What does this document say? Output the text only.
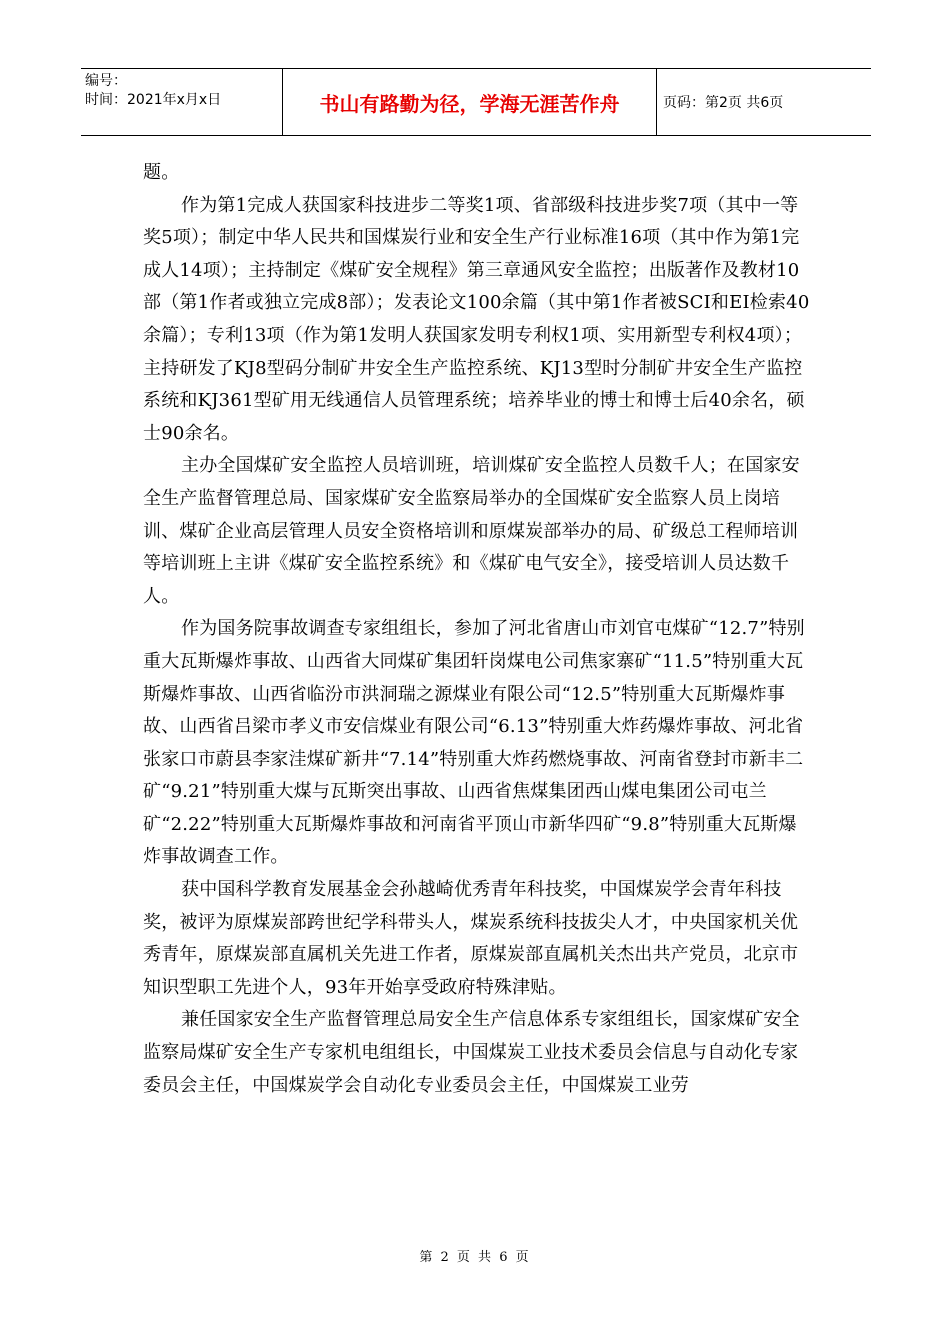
编号：
时间：2021年x月x日	书山有路勤为径，学海无涯苦作舟	页码：第2页 共6页

题。

作为第1完成人获国家科技进步二等奖1项、省部级科技进步奖7项（其中一等奖5项）；制定中华人民共和国煤炭行业和安全生产行业标准16项（其中作为第1完成人14项）；主持制定《煤矿安全规程》第三章通风安全监控；出版著作及教材10部（第1作者或独立完成8部）；发表论文100余篇（其中第1作者被SCI和EI检索40余篇）；专利13项（作为第1发明人获国家发明专利权1项、实用新型专利权4项）；主持研发了KJ8型码分制矿井安全生产监控系统、KJ13型时分制矿井安全生产监控系统和KJ361型矿用无线通信人员管理系统；培养毕业的博士和博士后40余名，硕士90余名。

主办全国煤矿安全监控人员培训班，培训煤矿安全监控人员数千人；在国家安全生产监督管理总局、国家煤矿安全监察局举办的全国煤矿安全监察人员上岗培训、煤矿企业高层管理人员安全资格培训和原煤炭部举办的局、矿级总工程师培训等培训班上主讲《煤矿安全监控系统》和《煤矿电气安全》，接受培训人员达数千人。

作为国务院事故调查专家组组长，参加了河北省唐山市刘官屯煤矿“12.7”特别重大瓦斯爆炸事故、山西省大同煤矿集团轩岗煤电公司焦家寨矿“11.5”特别重大瓦斯爆炸事故、山西省临汾市洪洞瑞之源煤业有限公司“12.5”特别重大瓦斯爆炸事故、山西省吕梁市孝义市安信煤业有限公司“6.13”特别重大炸药爆炸事故、河北省张家口市蔚县李家洼煤矿新井“7.14”特别重大炸药燃烧事故、河南省登封市新丰二矿“9.21”特别重大煤与瓦斯突出事故、山西省焦煤集团西山煤电集团公司屯兰矿“2.22”特别重大瓦斯爆炸事故和河南省平顶山市新华四矿“9.8”特别重大瓦斯爆炸事故调查工作。

获中国科学教育发展基金会孙越崎优秀青年科技奖，中国煤炭学会青年科技奖，被评为原煤炭部跨世纪学科带头人，煤炭系统科技拔尖人才，中央国家机关优秀青年，原煤炭部直属机关先进工作者，原煤炭部直属机关杰出共产党员，北京市知识型职工先进个人，93年开始享受政府特殊津贴。

兼任国家安全生产监督管理总局安全生产信息体系专家组组长，国家煤矿安全监察局煤矿安全生产专家机电组组长，中国煤炭工业技术委员会信息与自动化专家委员会主任，中国煤炭学会自动化专业委员会主任，中国煤炭工业劳

第 2 页 共 6 页
